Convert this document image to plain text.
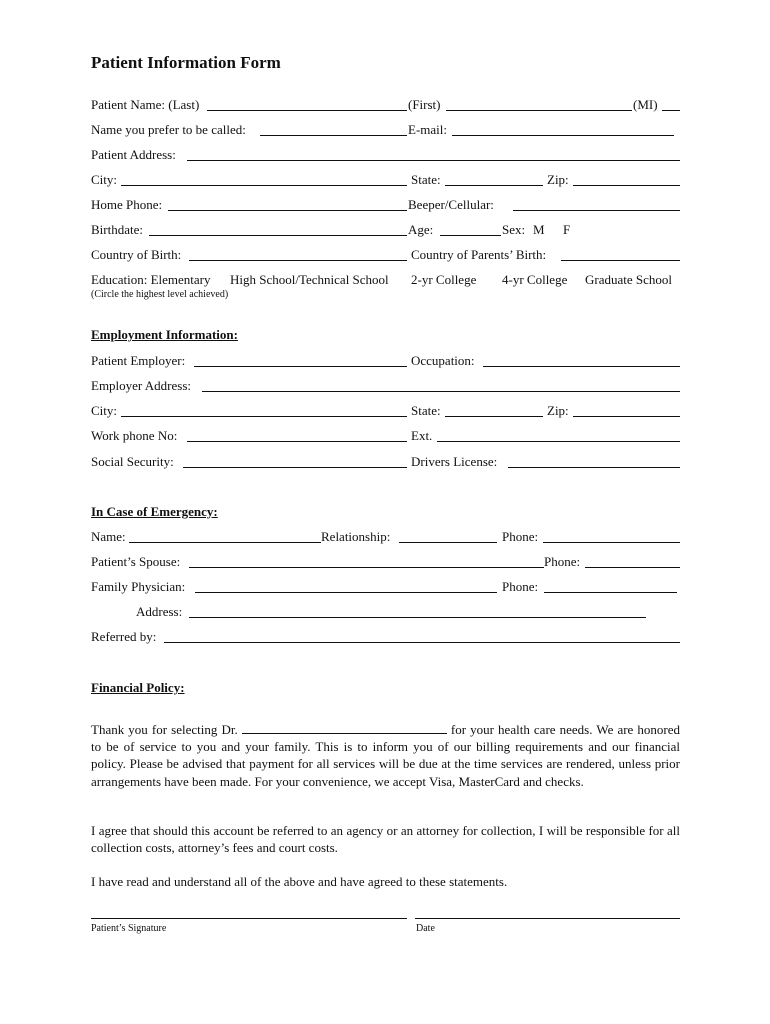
Patient Information Form
Patient Name: (Last)	(First)	(MI)
Name you prefer to be called:	E-mail:
Patient Address:
City:	State:	Zip:
Home Phone:	Beeper/Cellular:
Birthdate:	Age:	Sex: M F
Country of Birth:	Country of Parents’ Birth:
Education: Elementary High School/Technical School 2-yr College 4-yr College Graduate School
(Circle the highest level achieved)
Employment Information:
Patient Employer:	Occupation:
Employer Address:
City:	State:	Zip:
Work phone No:	Ext.
Social Security:	Drivers License:
In Case of Emergency:
Name:	Relationship:	Phone:
Patient’s Spouse:	Phone:
Family Physician:	Phone:
Address:
Referred by:
Financial Policy:
Thank you for selecting Dr.	for your health care needs. We are honored to be of service to you and your family. This is to inform you of our billing requirements and our financial policy. Please be advised that payment for all services will be due at the time services are rendered, unless prior arrangements have been made. For your convenience, we accept Visa, MasterCard and checks.
I agree that should this account be referred to an agency or an attorney for collection, I will be responsible for all collection costs, attorney’s fees and court costs.
I have read and understand all of the above and have agreed to these statements.
Patient’s Signature	Date
